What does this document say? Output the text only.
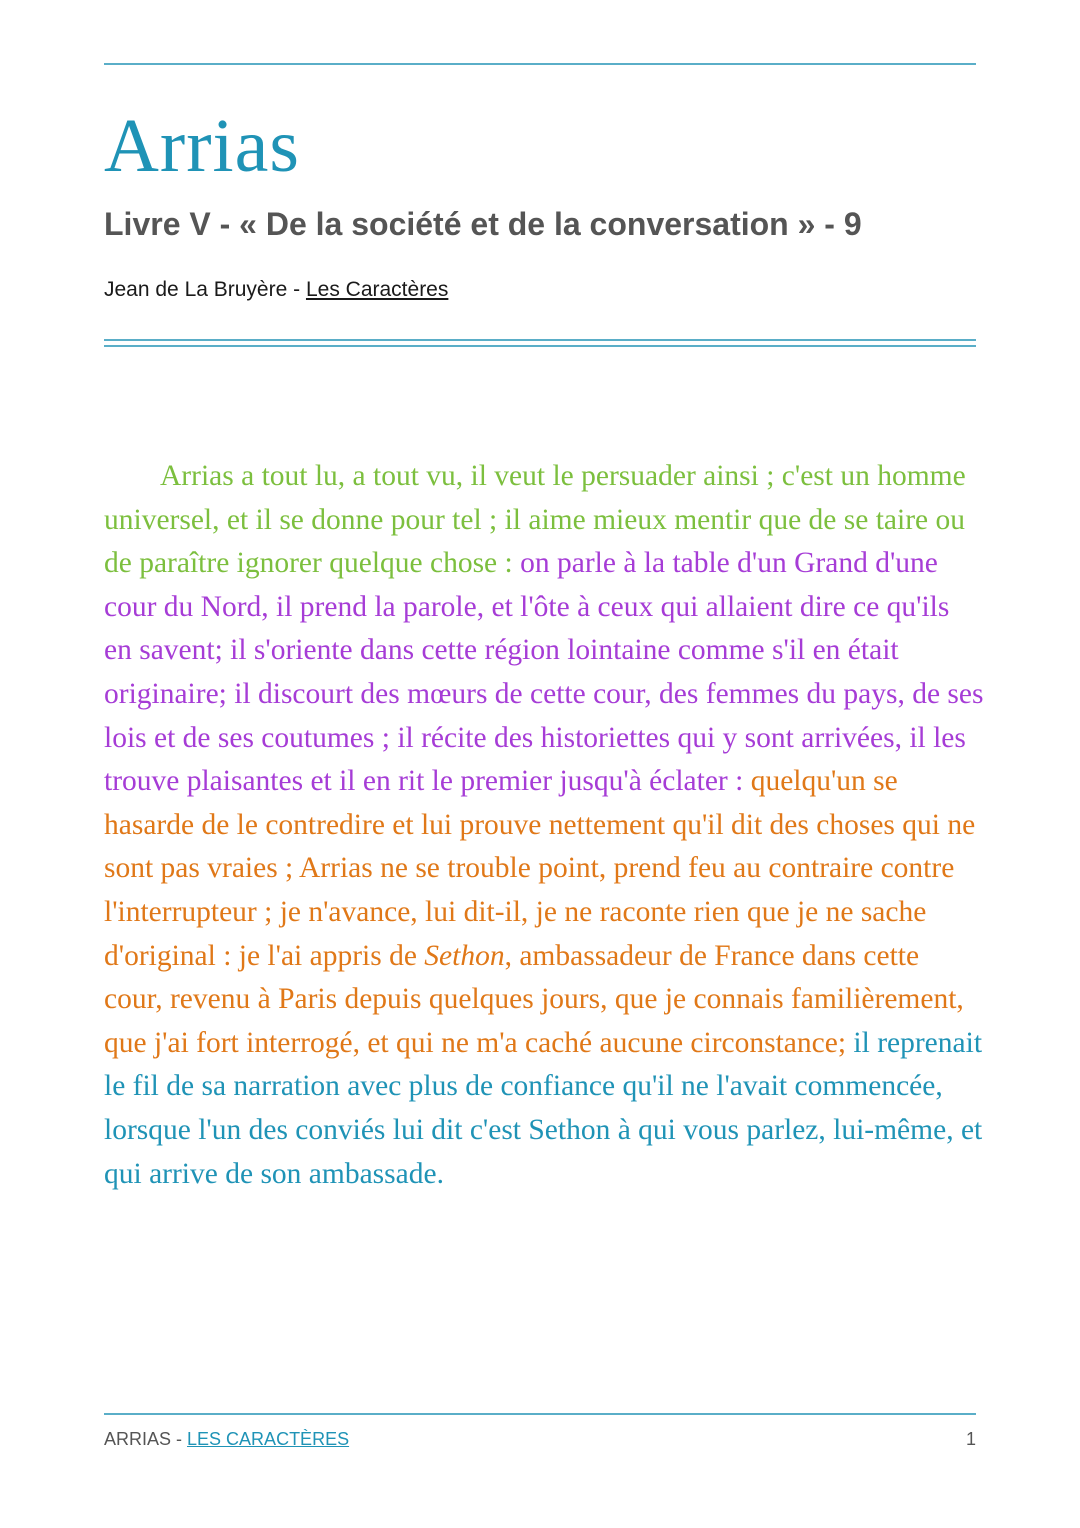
Arrias
Livre V - « De la société et de la conversation » - 9
Jean de La Bruyère - Les Caractères

Arrias a tout lu, a tout vu, il veut le persuader ainsi ; c'est un homme universel, et il se donne pour tel ; il aime mieux mentir que de se taire ou de paraître ignorer quelque chose : on parle à la table d'un Grand d'une cour du Nord, il prend la parole, et l'ôte à ceux qui allaient dire ce qu'ils en savent; il s'oriente dans cette région lointaine comme s'il en était originaire; il discourt des mœurs de cette cour, des femmes du pays, de ses lois et de ses coutumes ; il récite des historiettes qui y sont arrivées, il les trouve plaisantes et il en rit le premier jusqu'à éclater : quelqu'un se hasarde de le contredire et lui prouve nettement qu'il dit des choses qui ne sont pas vraies ; Arrias ne se trouble point, prend feu au contraire contre l'interrupteur ; je n'avance, lui dit-il, je ne raconte rien que je ne sache d'original : je l'ai appris de Sethon, ambassadeur de France dans cette cour, revenu à Paris depuis quelques jours, que je connais familièrement, que j'ai fort interrogé, et qui ne m'a caché aucune circonstance; il reprenait le fil de sa narration avec plus de confiance qu'il ne l'avait commencée, lorsque l'un des conviés lui dit c'est Sethon à qui vous parlez, lui-même, et qui arrive de son ambassade.

ARRIAS - LES CARACTÈRES	1
